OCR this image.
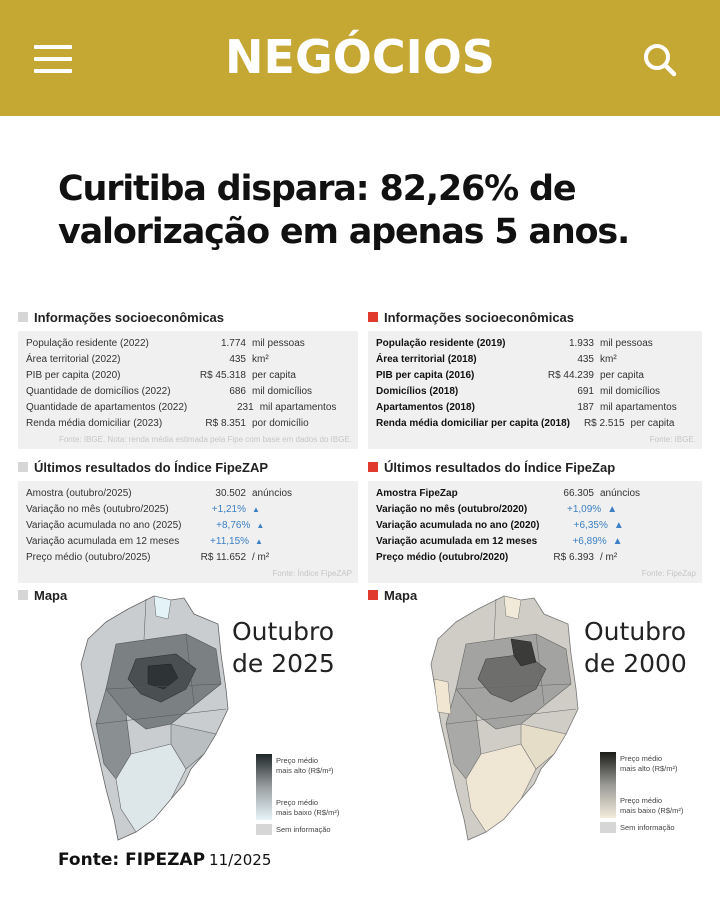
NEGÓCIOS
Curitiba dispara: 82,26% de valorização em apenas 5 anos.
Informações socioeconômicas
População residente (2022)	1.774 mil pessoas
Área territorial (2022)	435 km²
PIB per capita (2020)	R$ 45.318 per capita
Quantidade de domicílios (2022)	686 mil domicílios
Quantidade de apartamentos (2022)	231 mil apartamentos
Renda média domiciliar (2023)	R$ 8.351 por domicílio
Fonte: IBGE. Nota: renda média estimada pela Fipe com base em dados do IBGE.
Informações socioeconômicas
População residente (2019)	1.933 mil pessoas
Área territorial (2018)	435 km²
PIB per capita (2016)	R$ 44.239 per capita
Domicílios (2018)	691 mil domicílios
Apartamentos (2018)	187 mil apartamentos
Renda média domiciliar per capita (2018)	R$ 2.515 per capita
Fonte: IBGE.
Últimos resultados do Índice FipeZAP
Amostra (outubro/2025)	30.502 anúncios
Variação no mês (outubro/2025)	+1,21% ▲
Variação acumulada no ano (2025)	+8,76% ▲
Variação acumulada em 12 meses	+11,15% ▲
Preço médio (outubro/2025)	R$ 11.652 / m²
Fonte: Índice FipeZAP
Últimos resultados do Índice FipeZap
Amostra FipeZap	66.305 anúncios
Variação no mês (outubro/2020)	+1,09% ▲
Variação acumulada no ano (2020)	+6,35% ▲
Variação acumulada em 12 meses	+6,89% ▲
Preço médio (outubro/2020)	R$ 6.393 / m²
Fonte: FipeZap
Mapa
Outubro
de 2025
Preço médio
mais alto (R$/m²)
Preço médio
mais baixo (R$/m²)
Sem informação
Mapa
Outubro
de 2000
Preço médio
mais alto (R$/m²)
Preço médio
mais baixo (R$/m²)
Sem informação
Fonte: FIPEZAP 11/2025
